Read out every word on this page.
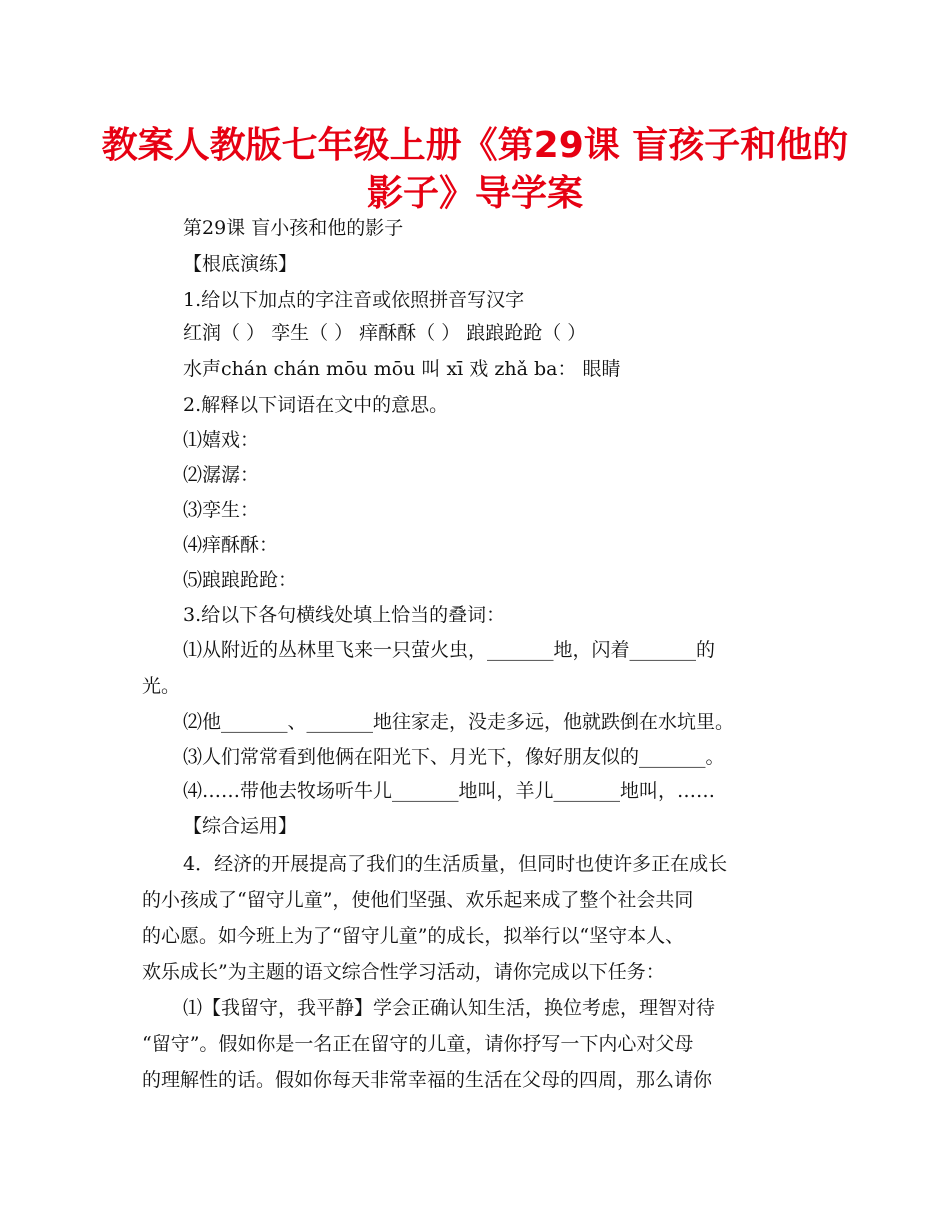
教案人教版七年级上册《第29课 盲孩子和他的影子》导学案
第29课 盲小孩和他的影子
【根底演练】
1.给以下加点的字注音或依照拼音写汉字
红润（ ） 孪生（ ） 痒酥酥（ ） 踉踉跄跄（ ）
水声chán chán mōu mōu 叫 xī 戏 zhǎ ba： 眼睛
2.解释以下词语在文中的意思。
⑴嬉戏：
⑵潺潺：
⑶孪生：
⑷痒酥酥：
⑸踉踉跄跄：
3.给以下各句横线处填上恰当的叠词：
⑴从附近的丛林里飞来一只萤火虫，_______地，闪着_______的
光。
⑵他_______、_______地往家走，没走多远，他就跌倒在水坑里。
⑶人们常常看到他俩在阳光下、月光下，像好朋友似的_______。
⑷……带他去牧场听牛儿_______地叫，羊儿_______地叫，……
【综合运用】
4．经济的开展提高了我们的生活质量，但同时也使许多正在成长
的小孩成了“留守儿童”，使他们坚强、欢乐起来成了整个社会共同
的心愿。如今班上为了“留守儿童”的成长，拟举行以“坚守本人、
欢乐成长”为主题的语文综合性学习活动，请你完成以下任务：
⑴【我留守，我平静】学会正确认知生活，换位考虑，理智对待
“留守”。假如你是一名正在留守的儿童，请你抒写一下内心对父母
的理解性的话。假如你每天非常幸福的生活在父母的四周，那么请你
